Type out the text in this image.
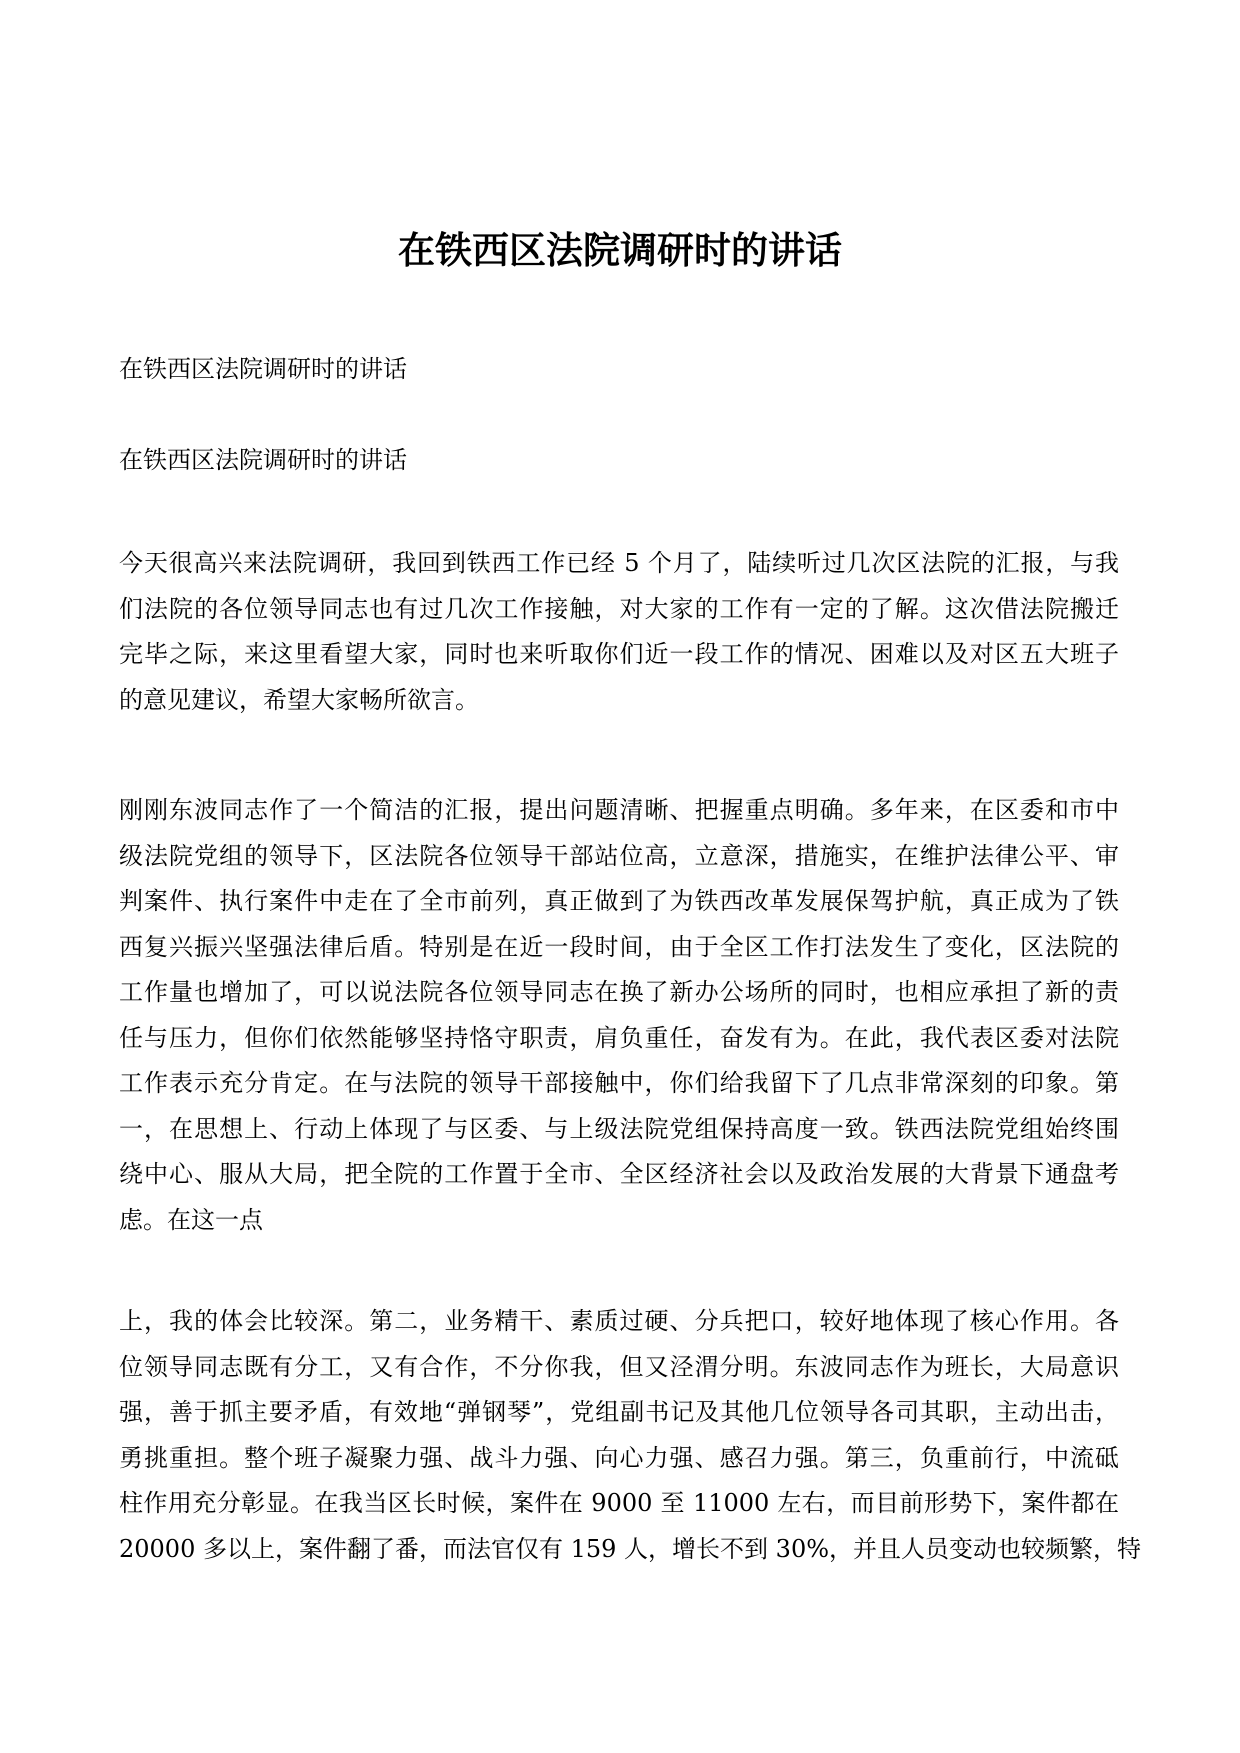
在铁西区法院调研时的讲话
在铁西区法院调研时的讲话
在铁西区法院调研时的讲话
今天很高兴来法院调研，我回到铁西工作已经 5 个月了，陆续听过几次区法院的汇报，与我
们法院的各位领导同志也有过几次工作接触，对大家的工作有一定的了解。这次借法院搬迁
完毕之际，来这里看望大家，同时也来听取你们近一段工作的情况、困难以及对区五大班子
的意见建议，希望大家畅所欲言。
刚刚东波同志作了一个简洁的汇报，提出问题清晰、把握重点明确。多年来，在区委和市中
级法院党组的领导下，区法院各位领导干部站位高，立意深，措施实，在维护法律公平、审
判案件、执行案件中走在了全市前列，真正做到了为铁西改革发展保驾护航，真正成为了铁
西复兴振兴坚强法律后盾。特别是在近一段时间，由于全区工作打法发生了变化，区法院的
工作量也增加了，可以说法院各位领导同志在换了新办公场所的同时，也相应承担了新的责
任与压力，但你们依然能够坚持恪守职责，肩负重任，奋发有为。在此，我代表区委对法院
工作表示充分肯定。在与法院的领导干部接触中，你们给我留下了几点非常深刻的印象。第
一，在思想上、行动上体现了与区委、与上级法院党组保持高度一致。铁西法院党组始终围
绕中心、服从大局，把全院的工作置于全市、全区经济社会以及政治发展的大背景下通盘考
虑。在这一点
上，我的体会比较深。第二，业务精干、素质过硬、分兵把口，较好地体现了核心作用。各
位领导同志既有分工，又有合作，不分你我，但又泾渭分明。东波同志作为班长，大局意识
强，善于抓主要矛盾，有效地“弹钢琴”，党组副书记及其他几位领导各司其职，主动出击，
勇挑重担。整个班子凝聚力强、战斗力强、向心力强、感召力强。第三，负重前行，中流砥
柱作用充分彰显。在我当区长时候，案件在 9000 至 11000 左右，而目前形势下，案件都在
20000 多以上，案件翻了番，而法官仅有 159 人，增长不到 30%，并且人员变动也较频繁，特
